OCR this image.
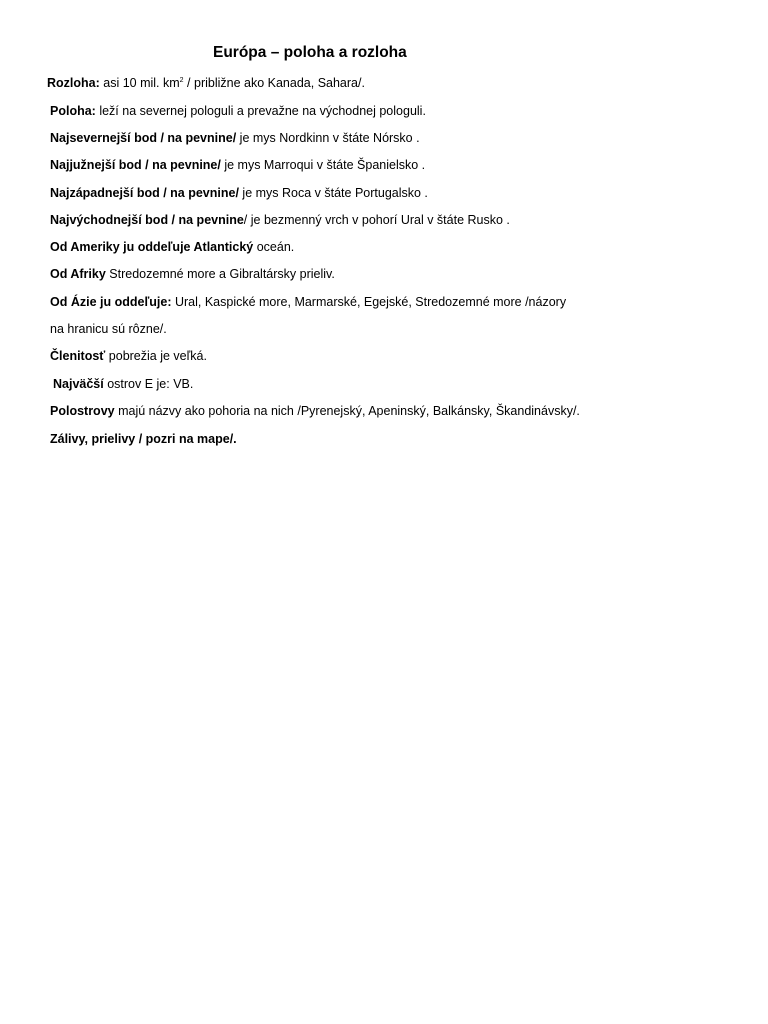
Európa – poloha a rozloha
Rozloha: asi 10 mil. $km^2$ / približne ako Kanada, Sahara/.
Poloha: leží na severnej pologuli a prevažne na východnej pologuli.
Najsevernejší bod / na pevnine/ je mys Nordkinn v štáte Nórsko .
Najjužnejší bod / na pevnine/ je mys Marroqui v štáte Španielsko .
Najzápadnejší bod / na pevnine/ je mys Roca v štáte Portugalsko .
Najvýchodnejší bod / na pevnine/ je bezmenný vrch v pohorí Ural v štáte Rusko .
Od Ameriky ju oddeľuje Atlantický oceán.
Od Afriky Stredozemné more a Gibraltársky prieliv.
Od Ázie ju oddeľuje: Ural, Kaspické more, Marmarské, Egejské, Stredozemné more /názory
na hranicu sú rôzne/.
Členitosť pobrežia je veľká.
Najväčší ostrov E je: VB.
Polostrovy majú názvy ako pohoria na nich /Pyrenejský, Apeninský, Balkánsky, Škandinávsky/.
Zálivy, prielivy / pozri na mape/.
